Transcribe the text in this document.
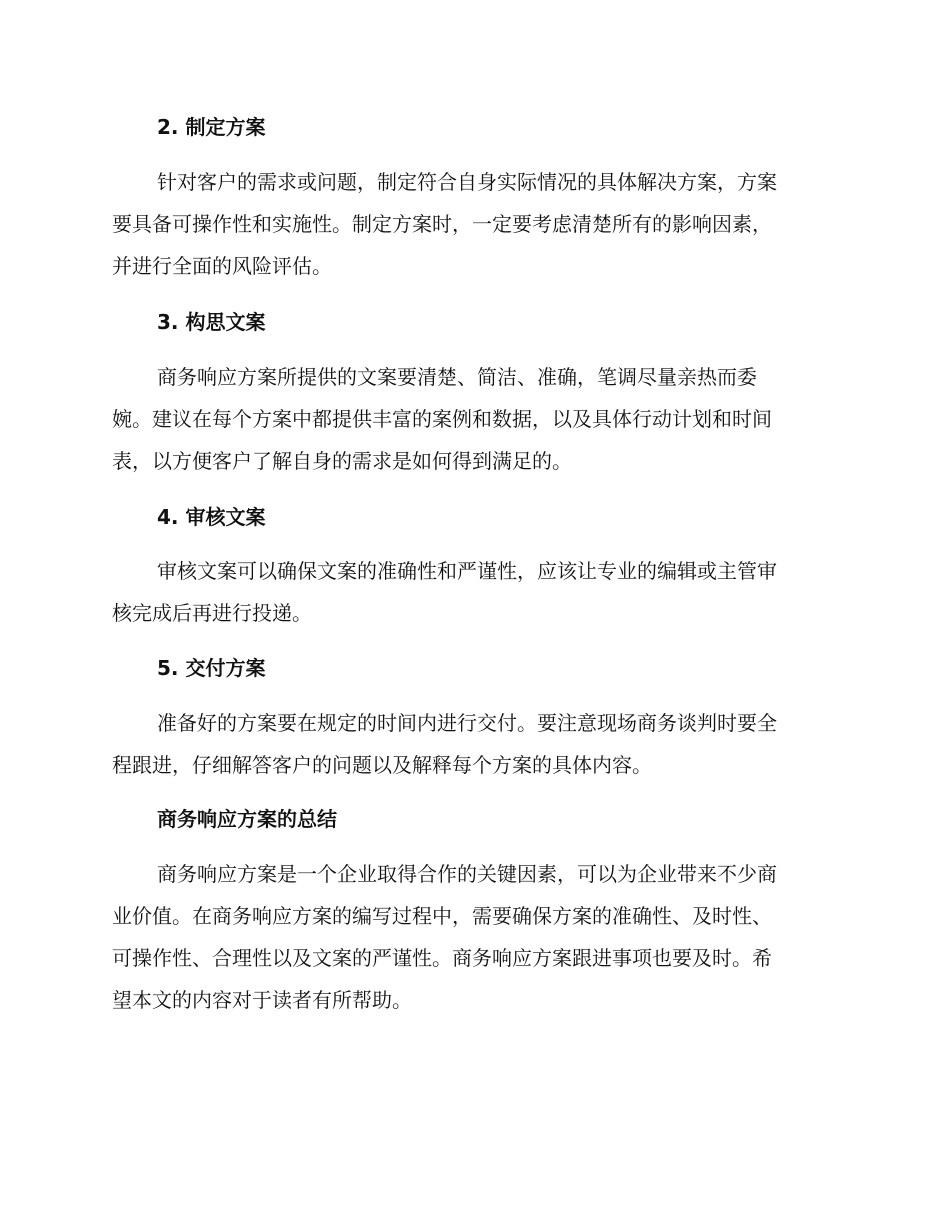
2. 制定方案
针对客户的需求或问题，制定符合自身实际情况的具体解决方案，方案
要具备可操作性和实施性。制定方案时，一定要考虑清楚所有的影响因素，
并进行全面的风险评估。
3. 构思文案
商务响应方案所提供的文案要清楚、简洁、准确，笔调尽量亲热而委
婉。建议在每个方案中都提供丰富的案例和数据，以及具体行动计划和时间
表，以方便客户了解自身的需求是如何得到满足的。
4. 审核文案
审核文案可以确保文案的准确性和严谨性，应该让专业的编辑或主管审
核完成后再进行投递。
5. 交付方案
准备好的方案要在规定的时间内进行交付。要注意现场商务谈判时要全
程跟进，仔细解答客户的问题以及解释每个方案的具体内容。
商务响应方案的总结
商务响应方案是一个企业取得合作的关键因素，可以为企业带来不少商
业价值。在商务响应方案的编写过程中，需要确保方案的准确性、及时性、
可操作性、合理性以及文案的严谨性。商务响应方案跟进事项也要及时。希
望本文的内容对于读者有所帮助。
